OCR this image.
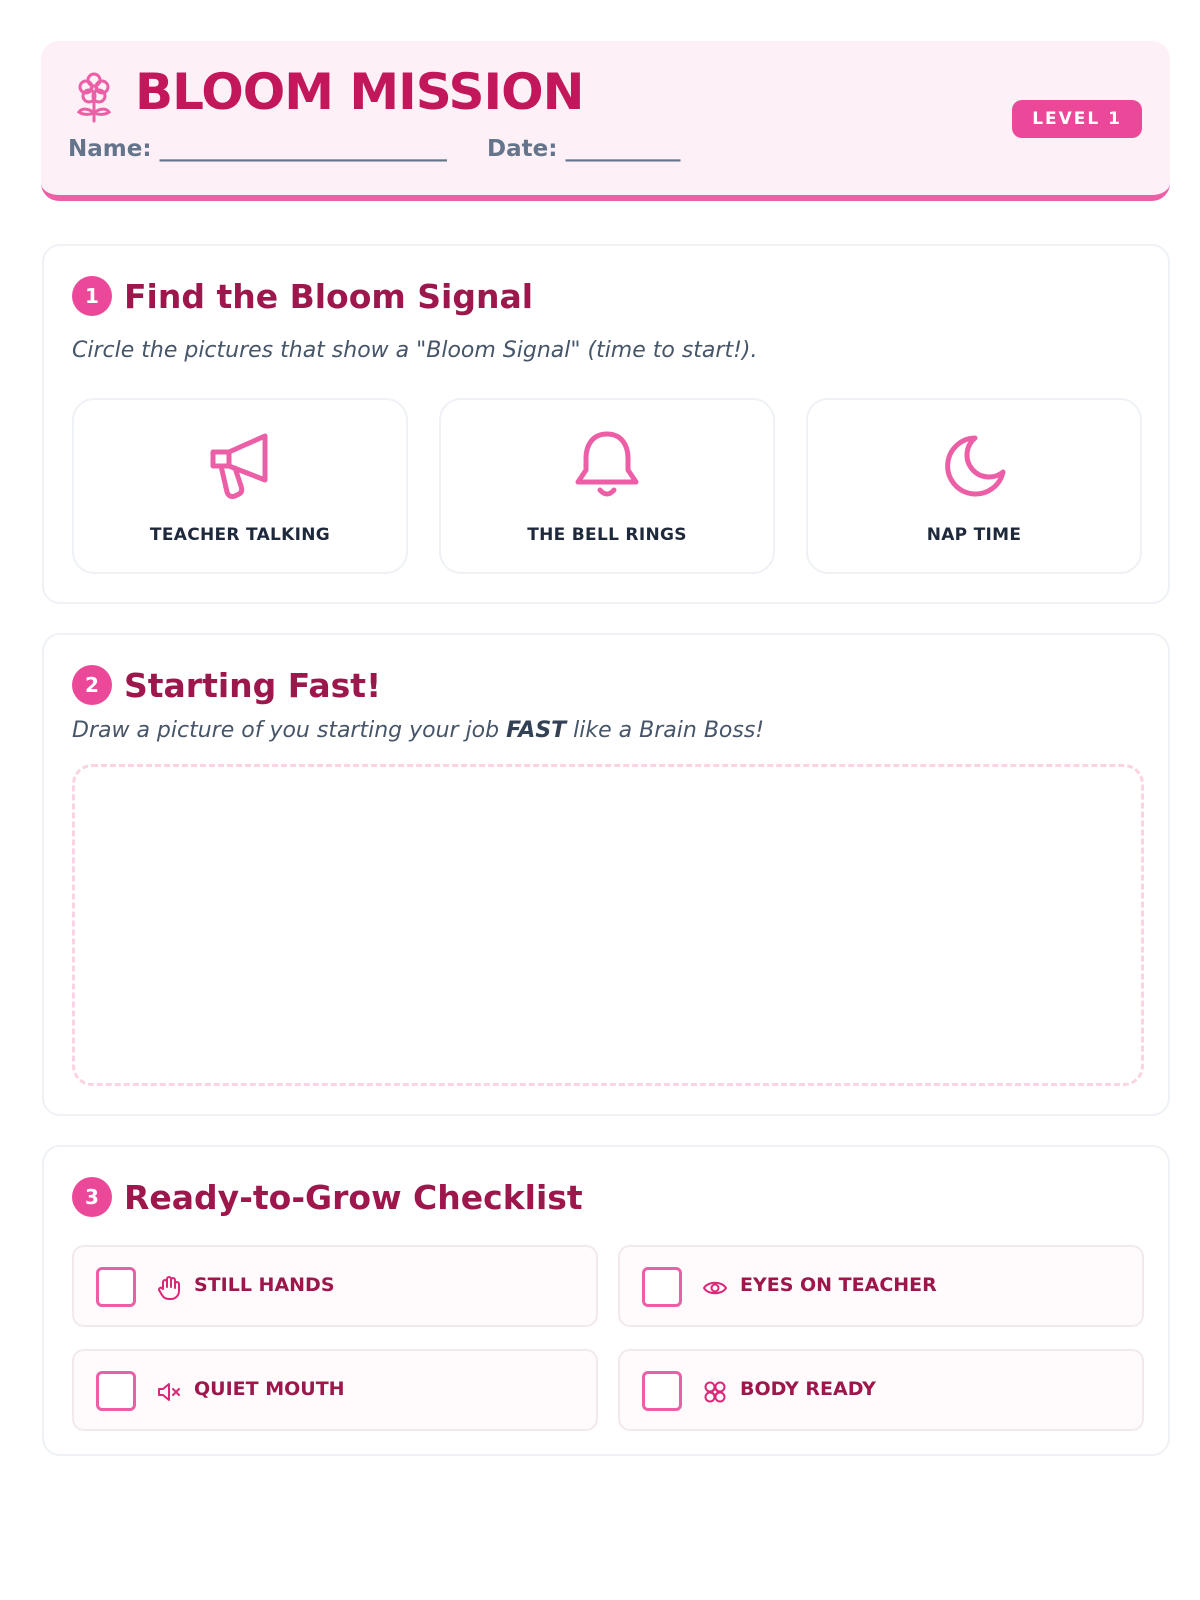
BLOOM MISSION
Name: _________________________ Date: __________
LEVEL 1
1 Find the Bloom Signal
Circle the pictures that show a "Bloom Signal" (time to start!).
TEACHER TALKING	THE BELL RINGS	NAP TIME
2 Starting Fast!
Draw a picture of you starting your job FAST like a Brain Boss!
3 Ready-to-Grow Checklist
STILL HANDS	EYES ON TEACHER
QUIET MOUTH	BODY READY
